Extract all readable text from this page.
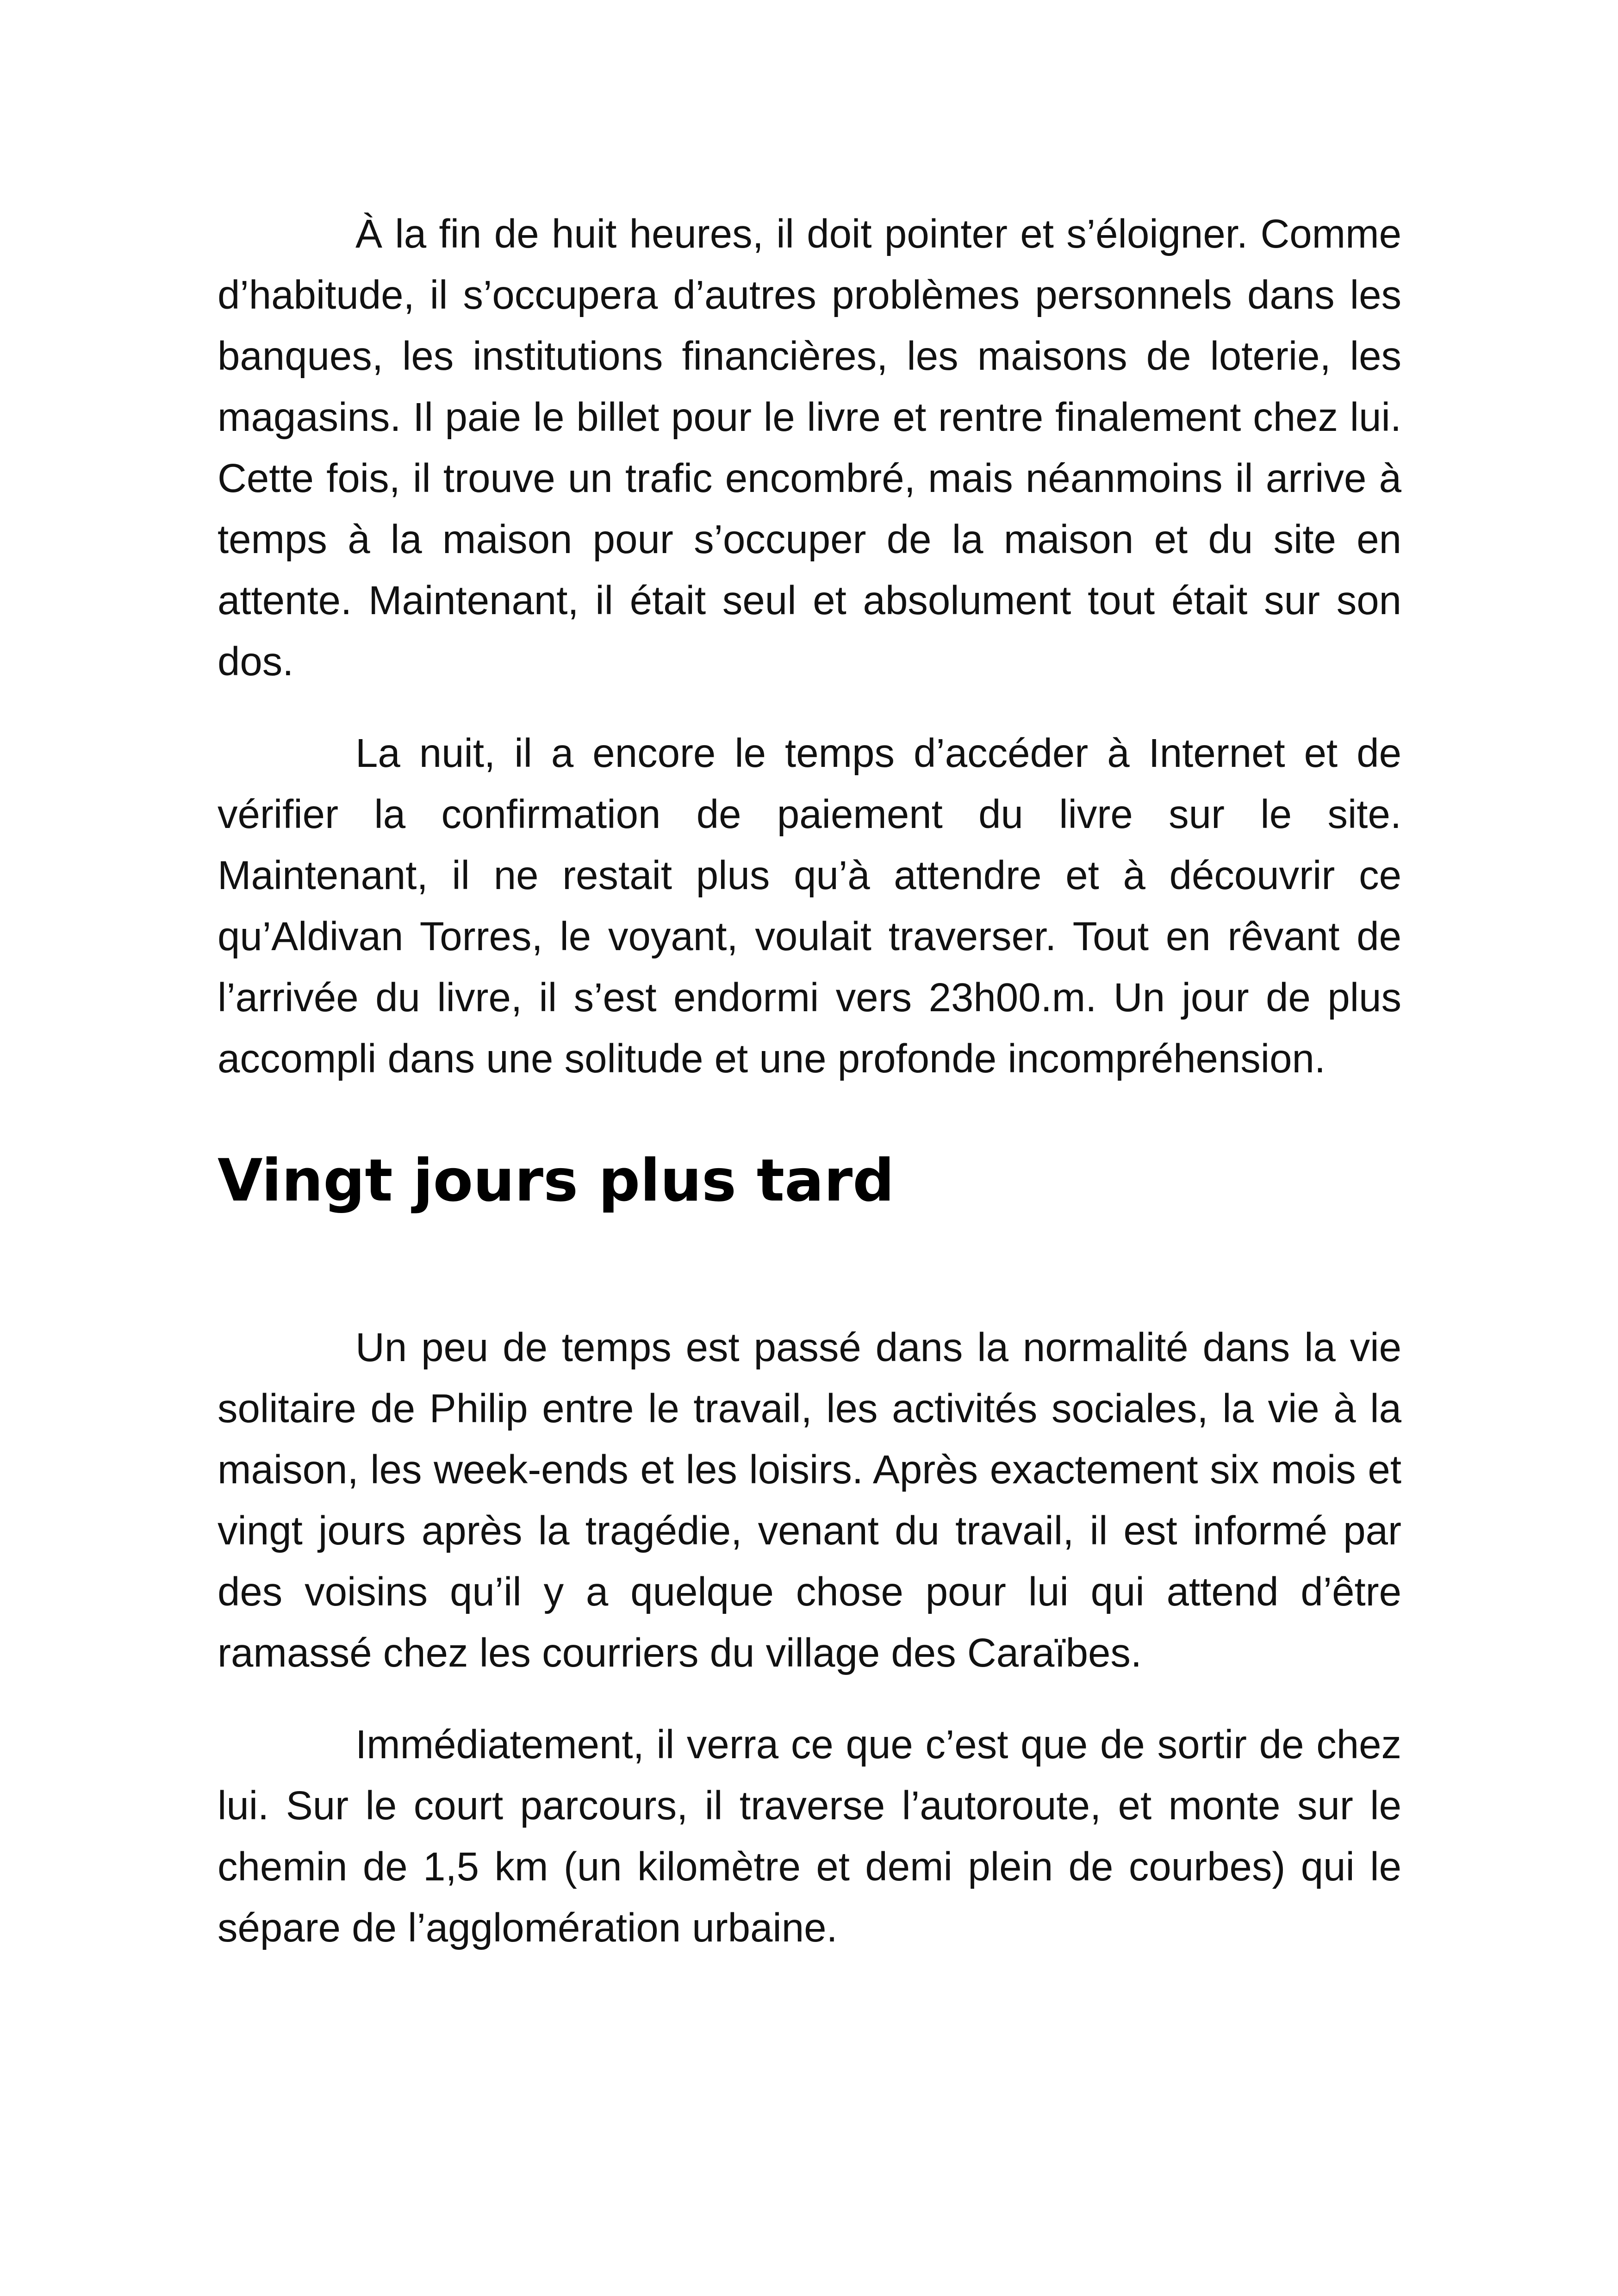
À la fin de huit heures, il doit pointer et s’éloigner. Comme d’habitude, il s’occupera d’autres problèmes personnels dans les banques, les institutions financières, les maisons de loterie, les magasins. Il paie le billet pour le livre et rentre finalement chez lui. Cette fois, il trouve un trafic encombré, mais néanmoins il arrive à temps à la maison pour s’occuper de la maison et du site en attente. Maintenant, il était seul et absolument tout était sur son dos.

La nuit, il a encore le temps d’accéder à Internet et de vérifier la confirmation de paiement du livre sur le site. Maintenant, il ne restait plus qu’à attendre et à découvrir ce qu’Aldivan Torres, le voyant, voulait traverser. Tout en rêvant de l’arrivée du livre, il s’est endormi vers 23h00.m. Un jour de plus accompli dans une solitude et une profonde incompréhension.

Vingt jours plus tard

Un peu de temps est passé dans la normalité dans la vie solitaire de Philip entre le travail, les activités sociales, la vie à la maison, les week-ends et les loisirs. Après exactement six mois et vingt jours après la tragédie, venant du travail, il est informé par des voisins qu’il y a quelque chose pour lui qui attend d’être ramassé chez les courriers du village des Caraïbes.

Immédiatement, il verra ce que c’est que de sortir de chez lui. Sur le court parcours, il traverse l’autoroute, et monte sur le chemin de 1,5 km (un kilomètre et demi plein de courbes) qui le sépare de l’agglomération urbaine.
